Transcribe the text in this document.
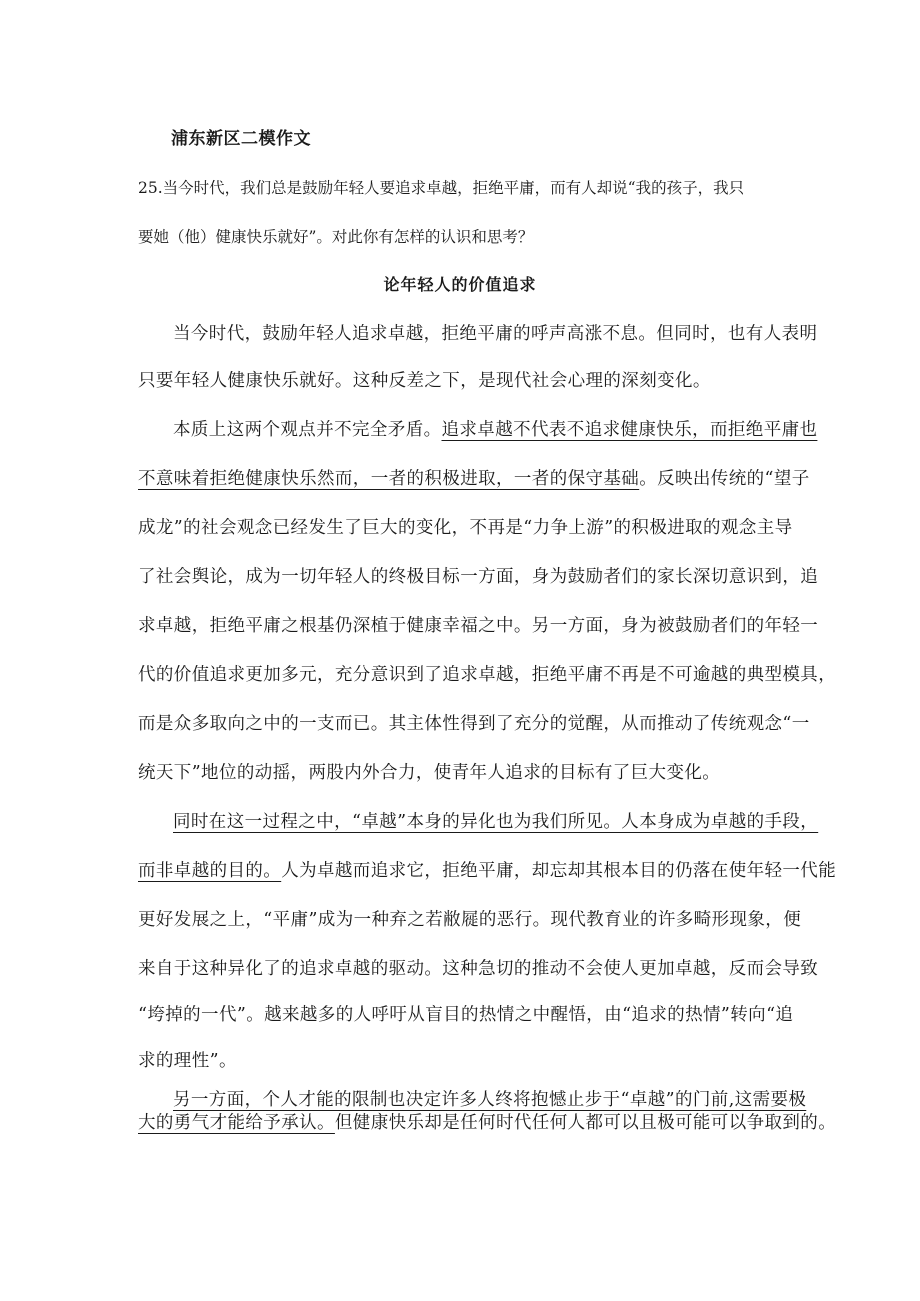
浦东新区二模作文

25.当今时代，我们总是鼓励年轻人要追求卓越，拒绝平庸，而有人却说“我的孩子，我只

要她（他）健康快乐就好”。对此你有怎样的认识和思考？

论年轻人的价值追求

当今时代，鼓励年轻人追求卓越，拒绝平庸的呼声高涨不息。但同时，也有人表明

只要年轻人健康快乐就好。这种反差之下，是现代社会心理的深刻变化。

本质上这两个观点并不完全矛盾。追求卓越不代表不追求健康快乐，而拒绝平庸也

不意味着拒绝健康快乐然而，一者的积极进取，一者的保守基础。反映出传统的“望子

成龙”的社会观念已经发生了巨大的变化，不再是“力争上游”的积极进取的观念主导

了社会舆论，成为一切年轻人的终极目标一方面，身为鼓励者们的家长深切意识到，追

求卓越，拒绝平庸之根基仍深植于健康幸福之中。另一方面，身为被鼓励者们的年轻一

代的价值追求更加多元，充分意识到了追求卓越，拒绝平庸不再是不可逾越的典型模具，

而是众多取向之中的一支而已。其主体性得到了充分的觉醒，从而推动了传统观念“一

统天下”地位的动摇，两股内外合力，使青年人追求的目标有了巨大变化。

同时在这一过程之中，“卓越”本身的异化也为我们所见。人本身成为卓越的手段，

而非卓越的目的。人为卓越而追求它，拒绝平庸，却忘却其根本目的仍落在使年轻一代能

更好发展之上，“平庸”成为一种弃之若敝屣的恶行。现代教育业的许多畸形现象，便

来自于这种异化了的追求卓越的驱动。这种急切的推动不会使人更加卓越，反而会导致

“垮掉的一代”。越来越多的人呼吁从盲目的热情之中醒悟，由“追求的热情”转向“追

求的理性”。

另一方面，个人才能的限制也决定许多人终将抱憾止步于“卓越”的门前,这需要极

大的勇气才能给予承认。但健康快乐却是任何时代任何人都可以且极可能可以争取到的。
